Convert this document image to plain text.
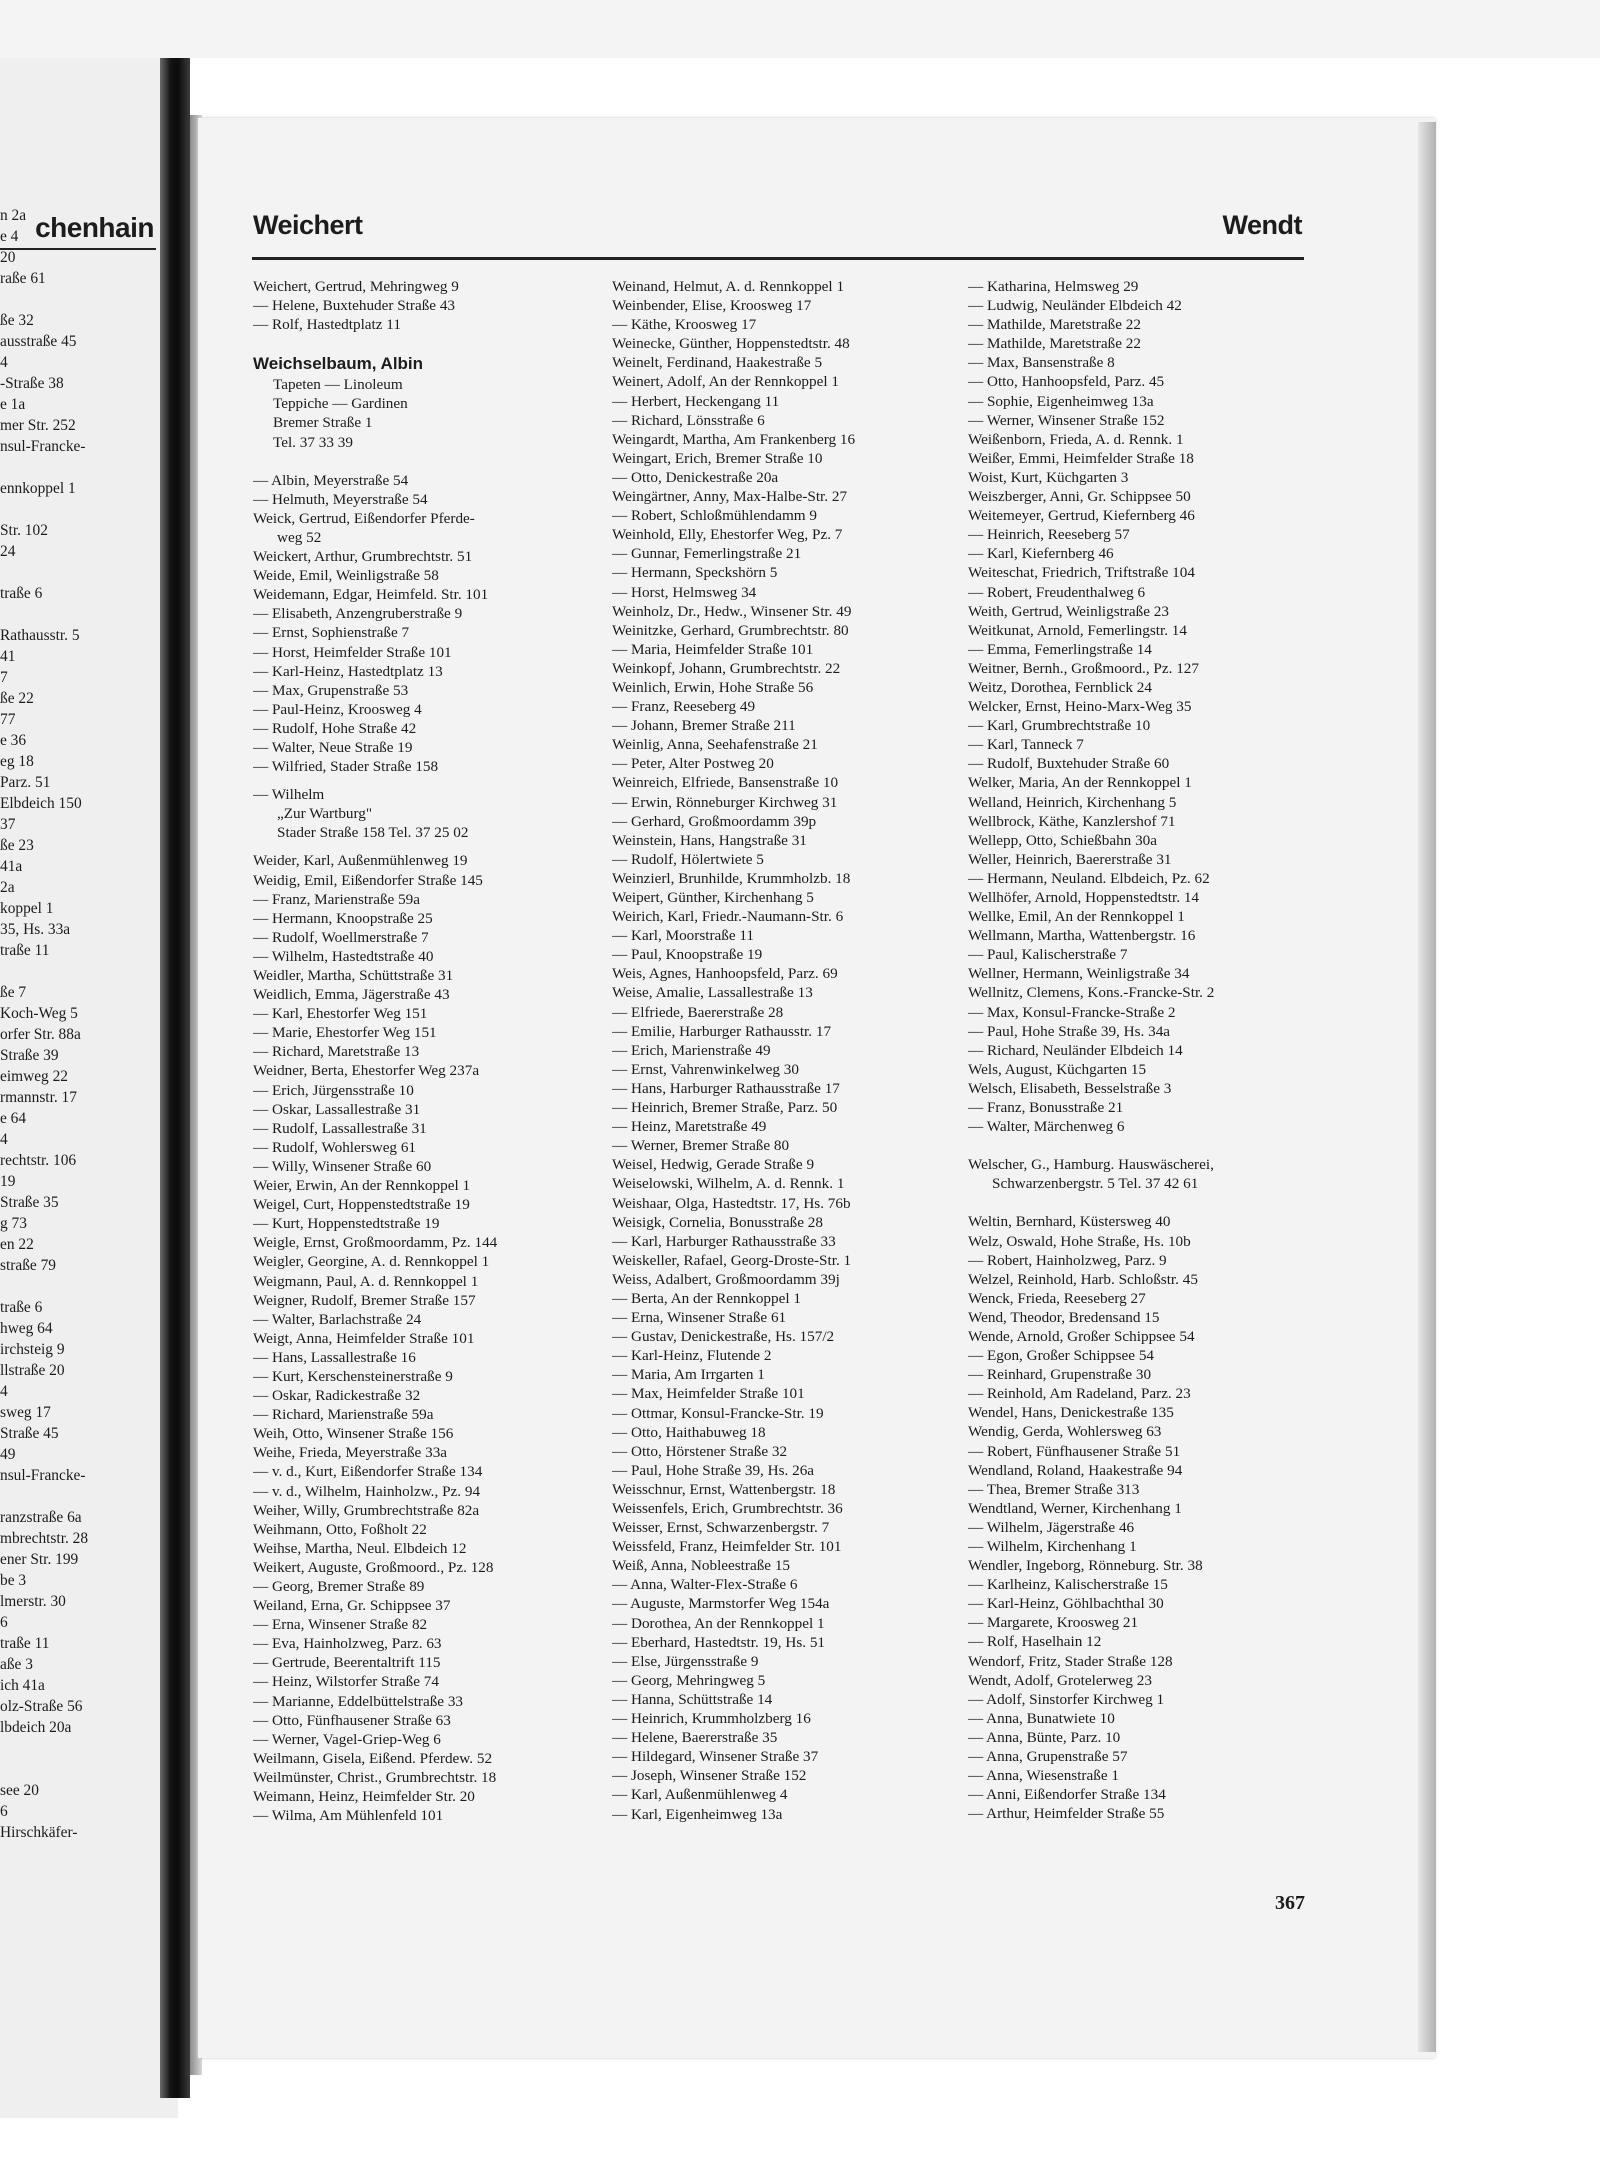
chenhain
n 2a
e 4
20
raße 61
ße 32
ausstraße 45
4
-Straße 38
e 1a
mer Str. 252
nsul-Francke-
ennkoppel 1
Str. 102
24
traße 6
Rathausstr. 5
41
7
ße 22
77
e 36
eg 18
Parz. 51
Elbdeich 150
37
ße 23
41a
2a
koppel 1
35, Hs. 33a
traße 11
ße 7
Koch-Weg 5
orfer Str. 88a
Straße 39
eimweg 22
rmannstr. 17
e 64
4
rechtstr. 106
19
Straße 35
g 73
en 22
straße 79
traße 6
hweg 64
irchsteig 9
llstraße 20
4
sweg 17
Straße 45
49
nsul-Francke-
ranzstraße 6a
mbrechtstr. 28
ener Str. 199
be 3
lmerstr. 30
6
traße 11
aße 3
ich 41a
olz-Straße 56
lbdeich 20a
see 20
6
Hirschkäfer-
Weichert	Wendt
Weichert, Gertrud, Mehringweg 9
— Helene, Buxtehuder Straße 43
— Rolf, Hastedtplatz 11
Weichselbaum, Albin
Tapeten — Linoleum
Teppiche — Gardinen
Bremer Straße 1
Tel. 37 33 39
— Albin, Meyerstraße 54
— Helmuth, Meyerstraße 54
Weick, Gertrud, Eißendorfer Pferde-
weg 52
Weickert, Arthur, Grumbrechtstr. 51
Weide, Emil, Weinligstraße 58
Weidemann, Edgar, Heimfeld. Str. 101
— Elisabeth, Anzengruberstraße 9
— Ernst, Sophienstraße 7
— Horst, Heimfelder Straße 101
— Karl-Heinz, Hastedtplatz 13
— Max, Grupenstraße 53
— Paul-Heinz, Kroosweg 4
— Rudolf, Hohe Straße 42
— Walter, Neue Straße 19
— Wilfried, Stader Straße 158
— Wilhelm
„Zur Wartburg"
Stader Straße 158 Tel. 37 25 02
Weider, Karl, Außenmühlenweg 19
Weidig, Emil, Eißendorfer Straße 145
— Franz, Marienstraße 59a
— Hermann, Knoopstraße 25
— Rudolf, Woellmerstraße 7
— Wilhelm, Hastedtstraße 40
Weidler, Martha, Schüttstraße 31
Weidlich, Emma, Jägerstraße 43
— Karl, Ehestorfer Weg 151
— Marie, Ehestorfer Weg 151
— Richard, Maretstraße 13
Weidner, Berta, Ehestorfer Weg 237a
— Erich, Jürgensstraße 10
— Oskar, Lassallestraße 31
— Rudolf, Lassallestraße 31
— Rudolf, Wohlersweg 61
— Willy, Winsener Straße 60
Weier, Erwin, An der Rennkoppel 1
Weigel, Curt, Hoppenstedtstraße 19
— Kurt, Hoppenstedtstraße 19
Weigle, Ernst, Großmoordamm, Pz. 144
Weigler, Georgine, A. d. Rennkoppel 1
Weigmann, Paul, A. d. Rennkoppel 1
Weigner, Rudolf, Bremer Straße 157
— Walter, Barlachstraße 24
Weigt, Anna, Heimfelder Straße 101
— Hans, Lassallestraße 16
— Kurt, Kerschensteinerstraße 9
— Oskar, Radickestraße 32
— Richard, Marienstraße 59a
Weih, Otto, Winsener Straße 156
Weihe, Frieda, Meyerstraße 33a
— v. d., Kurt, Eißendorfer Straße 134
— v. d., Wilhelm, Hainholzw., Pz. 94
Weiher, Willy, Grumbrechtstraße 82a
Weihmann, Otto, Foßholt 22
Weihse, Martha, Neul. Elbdeich 12
Weikert, Auguste, Großmoord., Pz. 128
— Georg, Bremer Straße 89
Weiland, Erna, Gr. Schippsee 37
— Erna, Winsener Straße 82
— Eva, Hainholzweg, Parz. 63
— Gertrude, Beerentaltrift 115
— Heinz, Wilstorfer Straße 74
— Marianne, Eddelbüttelstraße 33
— Otto, Fünfhausener Straße 63
— Werner, Vagel-Griep-Weg 6
Weilmann, Gisela, Eißend. Pferdew. 52
Weilmünster, Christ., Grumbrechtstr. 18
Weimann, Heinz, Heimfelder Str. 20
— Wilma, Am Mühlenfeld 101
Weinand, Helmut, A. d. Rennkoppel 1
Weinbender, Elise, Kroosweg 17
— Käthe, Kroosweg 17
Weinecke, Günther, Hoppenstedtstr. 48
Weinelt, Ferdinand, Haakestraße 5
Weinert, Adolf, An der Rennkoppel 1
— Herbert, Heckengang 11
— Richard, Lönsstraße 6
Weingardt, Martha, Am Frankenberg 16
Weingart, Erich, Bremer Straße 10
— Otto, Denickestraße 20a
Weingärtner, Anny, Max-Halbe-Str. 27
— Robert, Schloßmühlendamm 9
Weinhold, Elly, Ehestorfer Weg, Pz. 7
— Gunnar, Femerlingstraße 21
— Hermann, Speckshörn 5
— Horst, Helmsweg 34
Weinholz, Dr., Hedw., Winsener Str. 49
Weinitzke, Gerhard, Grumbrechtstr. 80
— Maria, Heimfelder Straße 101
Weinkopf, Johann, Grumbrechtstr. 22
Weinlich, Erwin, Hohe Straße 56
— Franz, Reeseberg 49
— Johann, Bremer Straße 211
Weinlig, Anna, Seehafenstraße 21
— Peter, Alter Postweg 20
Weinreich, Elfriede, Bansenstraße 10
— Erwin, Rönneburger Kirchweg 31
— Gerhard, Großmoordamm 39p
Weinstein, Hans, Hangstraße 31
— Rudolf, Hölertwiete 5
Weinzierl, Brunhilde, Krummholzb. 18
Weipert, Günther, Kirchenhang 5
Weirich, Karl, Friedr.-Naumann-Str. 6
— Karl, Moorstraße 11
— Paul, Knoopstraße 19
Weis, Agnes, Hanhoopsfeld, Parz. 69
Weise, Amalie, Lassallestraße 13
— Elfriede, Baererstraße 28
— Emilie, Harburger Rathausstr. 17
— Erich, Marienstraße 49
— Ernst, Vahrenwinkelweg 30
— Hans, Harburger Rathausstraße 17
— Heinrich, Bremer Straße, Parz. 50
— Heinz, Maretstraße 49
— Werner, Bremer Straße 80
Weisel, Hedwig, Gerade Straße 9
Weiselowski, Wilhelm, A. d. Rennk. 1
Weishaar, Olga, Hastedtstr. 17, Hs. 76b
Weisigk, Cornelia, Bonusstraße 28
— Karl, Harburger Rathausstraße 33
Weiskeller, Rafael, Georg-Droste-Str. 1
Weiss, Adalbert, Großmoordamm 39j
— Berta, An der Rennkoppel 1
— Erna, Winsener Straße 61
— Gustav, Denickestraße, Hs. 157/2
— Karl-Heinz, Flutende 2
— Maria, Am Irrgarten 1
— Max, Heimfelder Straße 101
— Ottmar, Konsul-Francke-Str. 19
— Otto, Haithabuweg 18
— Otto, Hörstener Straße 32
— Paul, Hohe Straße 39, Hs. 26a
Weisschnur, Ernst, Wattenbergstr. 18
Weissenfels, Erich, Grumbrechtstr. 36
Weisser, Ernst, Schwarzenbergstr. 7
Weissfeld, Franz, Heimfelder Str. 101
Weiß, Anna, Nobleestraße 15
— Anna, Walter-Flex-Straße 6
— Auguste, Marmstorfer Weg 154a
— Dorothea, An der Rennkoppel 1
— Eberhard, Hastedtstr. 19, Hs. 51
— Else, Jürgensstraße 9
— Georg, Mehringweg 5
— Hanna, Schüttstraße 14
— Heinrich, Krummholzberg 16
— Helene, Baererstraße 35
— Hildegard, Winsener Straße 37
— Joseph, Winsener Straße 152
— Karl, Außenmühlenweg 4
— Karl, Eigenheimweg 13a
— Katharina, Helmsweg 29
— Ludwig, Neuländer Elbdeich 42
— Mathilde, Maretstraße 22
— Mathilde, Maretstraße 22
— Max, Bansenstraße 8
— Otto, Hanhoopsfeld, Parz. 45
— Sophie, Eigenheimweg 13a
— Werner, Winsener Straße 152
Weißenborn, Frieda, A. d. Rennk. 1
Weißer, Emmi, Heimfelder Straße 18
Woist, Kurt, Küchgarten 3
Weiszberger, Anni, Gr. Schippsee 50
Weitemeyer, Gertrud, Kiefernberg 46
— Heinrich, Reeseberg 57
— Karl, Kiefernberg 46
Weiteschat, Friedrich, Triftstraße 104
— Robert, Freudenthalweg 6
Weith, Gertrud, Weinligstraße 23
Weitkunat, Arnold, Femerlingstr. 14
— Emma, Femerlingstraße 14
Weitner, Bernh., Großmoord., Pz. 127
Weitz, Dorothea, Fernblick 24
Welcker, Ernst, Heino-Marx-Weg 35
— Karl, Grumbrechtstraße 10
— Karl, Tanneck 7
— Rudolf, Buxtehuder Straße 60
Welker, Maria, An der Rennkoppel 1
Welland, Heinrich, Kirchenhang 5
Wellbrock, Käthe, Kanzlershof 71
Wellepp, Otto, Schießbahn 30a
Weller, Heinrich, Baererstraße 31
— Hermann, Neuland. Elbdeich, Pz. 62
Wellhöfer, Arnold, Hoppenstedtstr. 14
Wellke, Emil, An der Rennkoppel 1
Wellmann, Martha, Wattenbergstr. 16
— Paul, Kalischerstraße 7
Wellner, Hermann, Weinligstraße 34
Wellnitz, Clemens, Kons.-Francke-Str. 2
— Max, Konsul-Francke-Straße 2
— Paul, Hohe Straße 39, Hs. 34a
— Richard, Neuländer Elbdeich 14
Wels, August, Küchgarten 15
Welsch, Elisabeth, Besselstraße 3
— Franz, Bonusstraße 21
— Walter, Märchenweg 6
Welscher, G., Hamburg. Hauswäscherei,
Schwarzenbergstr. 5 Tel. 37 42 61
Weltin, Bernhard, Küstersweg 40
Welz, Oswald, Hohe Straße, Hs. 10b
— Robert, Hainholzweg, Parz. 9
Welzel, Reinhold, Harb. Schloßstr. 45
Wenck, Frieda, Reeseberg 27
Wend, Theodor, Bredensand 15
Wende, Arnold, Großer Schippsee 54
— Egon, Großer Schippsee 54
— Reinhard, Grupenstraße 30
— Reinhold, Am Radeland, Parz. 23
Wendel, Hans, Denickestraße 135
Wendig, Gerda, Wohlersweg 63
— Robert, Fünfhausener Straße 51
Wendland, Roland, Haakestraße 94
— Thea, Bremer Straße 313
Wendtland, Werner, Kirchenhang 1
— Wilhelm, Jägerstraße 46
— Wilhelm, Kirchenhang 1
Wendler, Ingeborg, Rönneburg. Str. 38
— Karlheinz, Kalischerstraße 15
— Karl-Heinz, Göhlbachthal 30
— Margarete, Kroosweg 21
— Rolf, Haselhain 12
Wendorf, Fritz, Stader Straße 128
Wendt, Adolf, Grotelerweg 23
— Adolf, Sinstorfer Kirchweg 1
— Anna, Bunatwiete 10
— Anna, Bünte, Parz. 10
— Anna, Grupenstraße 57
— Anna, Wiesenstraße 1
— Anni, Eißendorfer Straße 134
— Arthur, Heimfelder Straße 55
367
